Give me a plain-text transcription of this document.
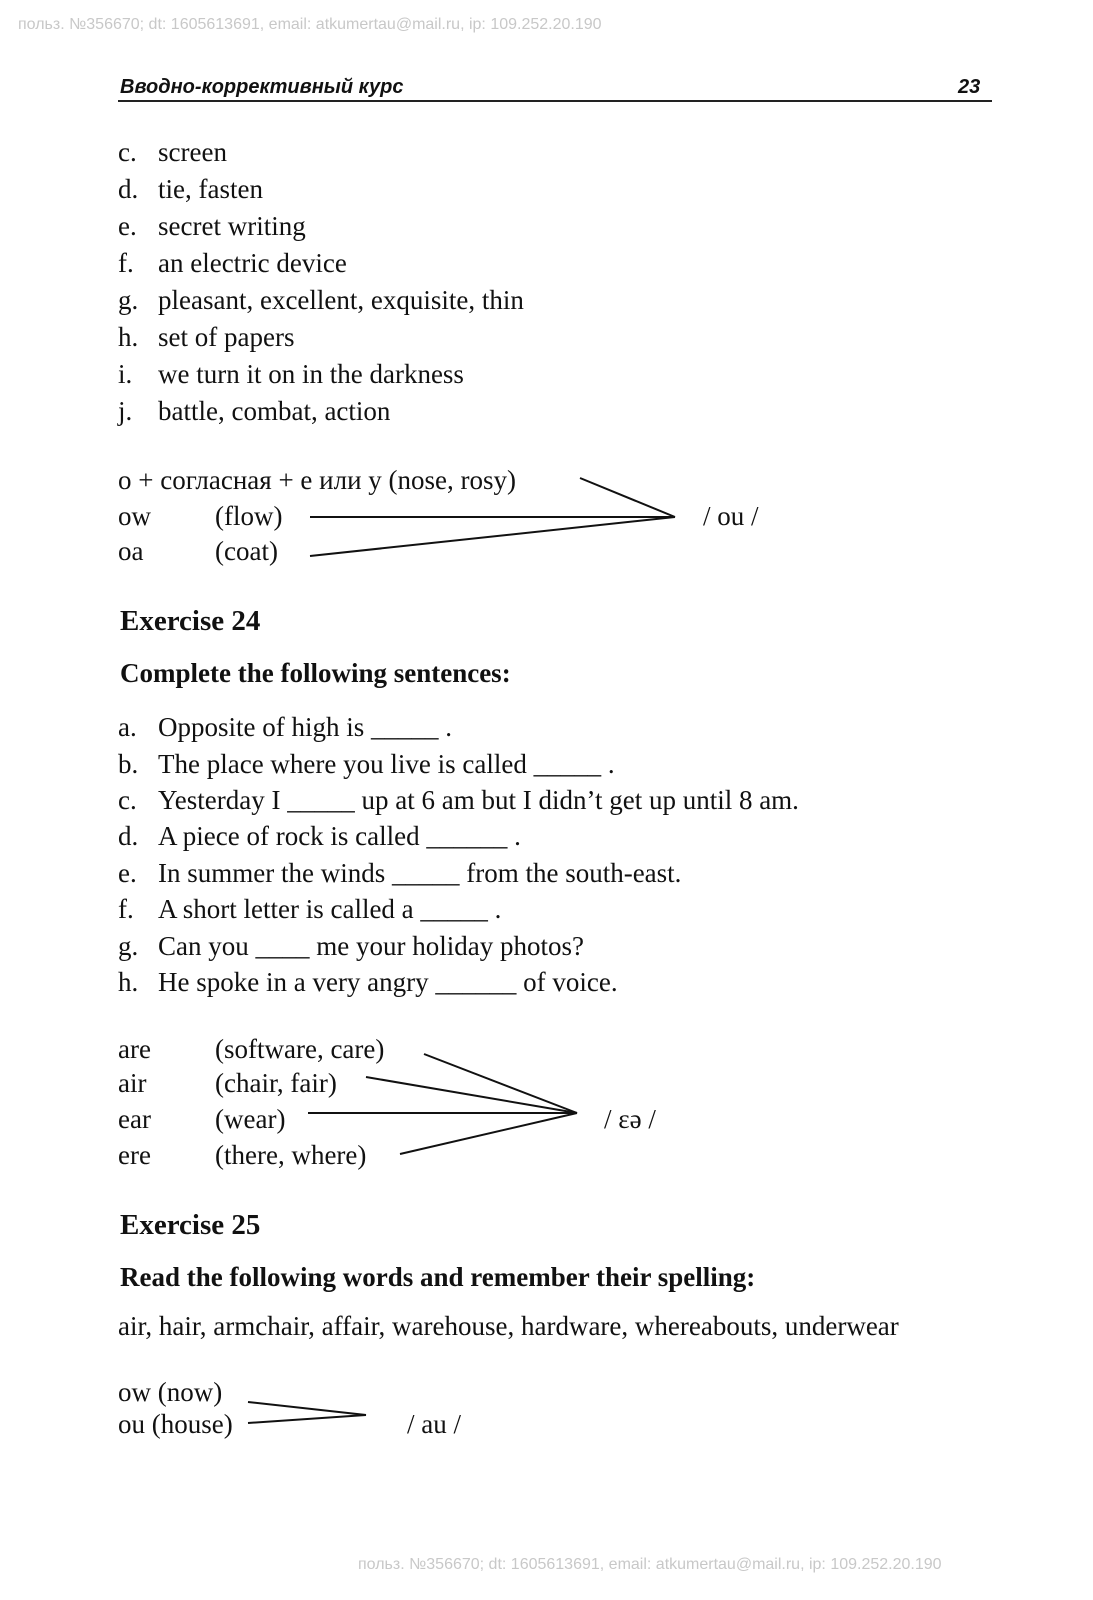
польз. №356670; dt: 1605613691, email: atkumertau@mail.ru, ip: 109.252.20.190
польз. №356670; dt: 1605613691, email: atkumertau@mail.ru, ip: 109.252.20.190
Вводно-коррективный курс	23
c. screen
d. tie, fasten
e. secret writing
f. an electric device
g. pleasant, excellent, exquisite, thin
h. set of papers
i. we turn it on in the darkness
j. battle, combat, action
o + согласная + е или у (nose, rosy)
ow (flow)
oa	(coat)
/ ou /
Exercise 24
Complete the following sentences:
a. Opposite of high is _____ .
b. The place where you live is called _____ .
c. Yesterday I _____ up at 6 am but I didn’t get up until 8 am.
d. A piece of rock is called ______ .
e. In summer the winds _____ from the south-east.
f. A short letter is called a _____ .
g. Can you ____ me your holiday photos?
h. He spoke in a very angry ______ of voice.
are (software, care)
air	(chair, fair)
ear (wear)
ere (there, where)
/ ɛə /
Exercise 25
Read the following words and remember their spelling:
air, hair, armchair, affair, warehouse, hardware, whereabouts, underwear
ow (now)
ou (house)	/ au /
